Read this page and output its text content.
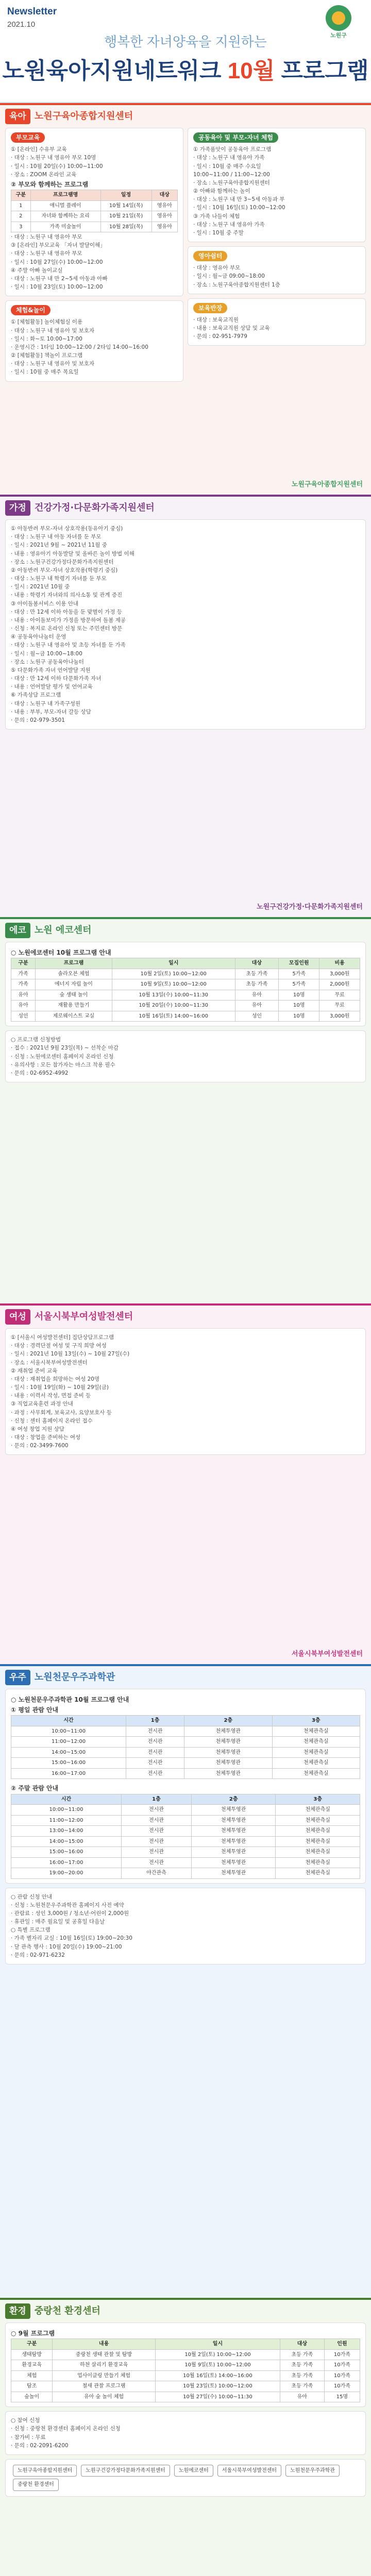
Newsletter
2021.10
노원구
행복한 자녀양육을 지원하는
노원육아지원네트워크 10월 프로그램
육아 노원구육아종합지원센터
부모교육
① [온라인] 수유부 교육
· 대상 : 노원구 내 영유아 부모 10명
· 일시 : 10월 20일(수) 10:00~11:00
· 장소 : ZOOM 온라인 교육
② 부모와 함께하는 프로그램
구분	프로그램명	일정	대상
1	애니멀 플레이	10월 14일(목)	영유아
2	자녀와 함께하는 요리	10월 21일(목)	영유아
3	가족 미술놀이	10월 28일(목)	영유아
· 대상 : 노원구 내 영유아 부모
③ [온라인] 부모교육 「자녀 발달이해」
· 대상 : 노원구 내 영유아 부모
· 일시 : 10월 27일(수) 10:00~12:00
④ 주말 아빠 놀이교실
· 대상 : 노원구 내 만 2~5세 아동과 아빠
· 일시 : 10월 23일(토) 10:00~12:00
체험&놀이
① [체험활동] 놀이체험실 이용
· 대상 : 노원구 내 영유아 및 보호자
· 일시 : 화~토 10:00~17:00
· 운영시간 : 1타임 10:00~12:00 / 2타임 14:00~16:00
② [체험활동] 책놀이 프로그램
· 대상 : 노원구 내 영유아 및 보호자
· 일시 : 10월 중 매주 목요일
공동육아 및 부모-자녀 체험
① 가족품앗이 공동육아 프로그램
· 대상 : 노원구 내 영유아 가족
· 일시 : 10월 중 매주 수요일
10:00~11:00 / 11:00~12:00
· 장소 : 노원구육아종합지원센터
② 아빠와 함께하는 놀이
· 대상 : 노원구 내 만 3~5세 아동과 부
· 일시 : 10월 16일(토) 10:00~12:00
③ 가족 나들이 체험
· 대상 : 노원구 내 영유아 가족
· 일시 : 10월 중 주말
영아쉼터
· 대상 : 영유아 부모
· 일시 : 월~금 09:00~18:00
· 장소 : 노원구육아종합지원센터 1층
보육반장
· 대상 : 보육교직원
· 내용 : 보육교직원 상담 및 교육
· 문의 : 02-951-7979
노원구육아종합지원센터
가정 건강가정·다문화가족지원센터
① 아동반려 부모-자녀 상호작용(동유아기 중심)
· 대상 : 노원구 내 아동 자녀를 둔 부모
· 일시 : 2021년 9월 ~ 2021년 11월 중
· 내용 : 영유아기 아동발달 및 올바른 놀이 방법 이해
· 장소 : 노원구건강가정다문화가족지원센터
② 아동반려 부모-자녀 상호작용(학령기 중심)
· 대상 : 노원구 내 학령기 자녀를 둔 부모
· 일시 : 2021년 10월 중
· 내용 : 학령기 자녀와의 의사소통 및 관계 증진
③ 아이돌봄서비스 이용 안내
· 대상 : 만 12세 이하 아동을 둔 맞벌이 가정 등
· 내용 : 아이돌보미가 가정을 방문하여 돌봄 제공
· 신청 : 복지로 온라인 신청 또는 주민센터 방문
④ 공동육아나눔터 운영
· 대상 : 노원구 내 영유아 및 초등 자녀를 둔 가족
· 일시 : 월~금 10:00~18:00
· 장소 : 노원구 공동육아나눔터
⑤ 다문화가족 자녀 언어발달 지원
· 대상 : 만 12세 이하 다문화가족 자녀
· 내용 : 언어발달 평가 및 언어교육
⑥ 가족상담 프로그램
· 대상 : 노원구 내 가족구성원
· 내용 : 부부, 부모-자녀 갈등 상담
· 문의 : 02-979-3501
노원구건강가정·다문화가족지원센터
에코 노원 에코센터
○ 노원에코센터 10월 프로그램 안내
구분	프로그램	일시	대상	모집인원	비용
가족	솔라오븐 체험	10월 2일(토) 10:00~12:00	초등 가족	5가족	3,000원
가족	에너지 자립 놀이	10월 9일(토) 10:00~12:00	초등 가족	5가족	2,000원
유아	숲 생태 놀이	10월 13일(수) 10:00~11:30	유아	10명	무료
유아	재활용 만들기	10월 20일(수) 10:00~11:30	유아	10명	무료
성인	제로웨이스트 교실	10월 16일(토) 14:00~16:00	성인	10명	3,000원
○ 프로그램 신청방법
· 접수 : 2021년 9월 23일(목) ~ 선착순 마감
· 신청 : 노원에코센터 홈페이지 온라인 신청
· 유의사항 : 모든 참가자는 마스크 착용 필수
· 문의 : 02-6952-4992
여성 서울시북부여성발전센터
① [서울시 여성발전센터] 집단상담프로그램
· 대상 : 경력단절 여성 및 구직 희망 여성
· 일시 : 2021년 10월 13일(수) ~ 10월 27일(수)
· 장소 : 서울시북부여성발전센터
② 재취업 준비 교육
· 대상 : 재취업을 희망하는 여성 20명
· 일시 : 10월 19일(화) ~ 10월 29일(금)
· 내용 : 이력서 작성, 면접 준비 등
③ 직업교육훈련 과정 안내
· 과정 : 사무회계, 보육교사, 요양보호사 등
· 신청 : 센터 홈페이지 온라인 접수
④ 여성 창업 지원 상담
· 대상 : 창업을 준비하는 여성
· 문의 : 02-3499-7600
서울시북부여성발전센터
우주 노원천문우주과학관
○ 노원천문우주과학관 10월 프로그램 안내
① 평일 관람 안내
시간	1층	2층	3층
10:00~11:00	전시관	천체투영관	천체관측실
11:00~12:00	전시관	천체투영관	천체관측실
14:00~15:00	전시관	천체투영관	천체관측실
15:00~16:00	전시관	천체투영관	천체관측실
16:00~17:00	전시관	천체투영관	천체관측실
② 주말 관람 안내
시간	1층	2층	3층
10:00~11:00	전시관	천체투영관	천체관측실
11:00~12:00	전시관	천체투영관	천체관측실
13:00~14:00	전시관	천체투영관	천체관측실
14:00~15:00	전시관	천체투영관	천체관측실
15:00~16:00	전시관	천체투영관	천체관측실
16:00~17:00	전시관	천체투영관	천체관측실
19:00~20:00	야간관측	천체투영관	천체관측실
○ 관람 신청 안내
· 신청 : 노원천문우주과학관 홈페이지 사전 예약
· 관람료 : 성인 3,000원 / 청소년·어린이 2,000원
· 휴관일 : 매주 월요일 및 공휴일 다음날
○ 특별 프로그램
· 가족 별자리 교실 : 10월 16일(토) 19:00~20:30
· 달 관측 행사 : 10월 20일(수) 19:00~21:00
· 문의 : 02-971-6232
환경 중랑천 환경센터
○ 9월 프로그램
구분	내용	일시	대상	인원
생태탐방	중랑천 생태 관찰 및 탐방	10월 2일(토) 10:00~12:00	초등 가족	10가족
환경교육	하천 살리기 환경교육	10월 9일(토) 10:00~12:00	초등 가족	10가족
체험	업사이클링 만들기 체험	10월 16일(토) 14:00~16:00	초등 가족	10가족
탐조	철새 관찰 프로그램	10월 23일(토) 10:00~12:00	초등 가족	10가족
숲놀이	유아 숲 놀이 체험	10월 27일(수) 10:00~11:30	유아	15명
○ 참여 신청
· 신청 : 중랑천 환경센터 홈페이지 온라인 신청
· 참가비 : 무료
· 문의 : 02-2091-6200
노원구육아종합지원센터	노원구건강가정다문화가족지원센터	노원에코센터	서울시북부여성발전센터	노원천문우주과학관중랑천 환경센터
